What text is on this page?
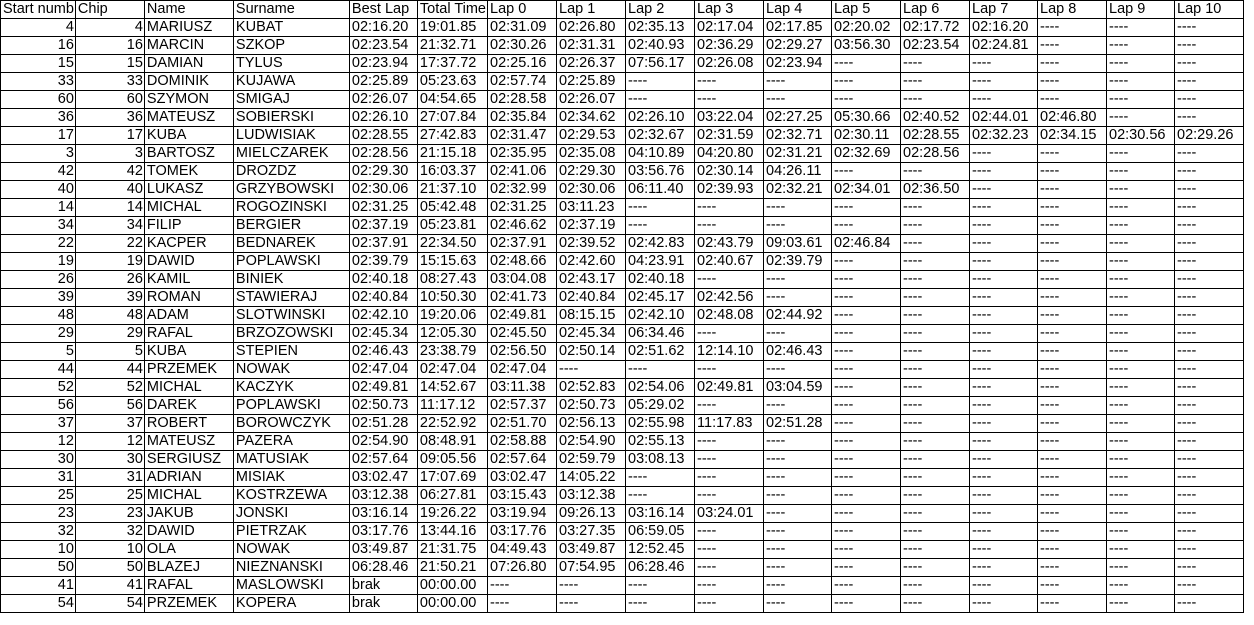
Start numb	Chip	Name	Surname	Best Lap	Total Time	Lap 0	Lap 1	Lap 2	Lap 3	Lap 4	Lap 5	Lap 6	Lap 7	Lap 8	Lap 9	Lap 10
4	4	MARIUSZ	KUBAT	02:16.20	19:01.85	02:31.09	02:26.80	02:35.13	02:17.04	02:17.85	02:20.02	02:17.72	02:16.20	----	----	----
16	16	MARCIN	SZKOP	02:23.54	21:32.71	02:30.26	02:31.31	02:40.93	02:36.29	02:29.27	03:56.30	02:23.54	02:24.81	----	----	----
15	15	DAMIAN	TYLUS	02:23.94	17:37.72	02:25.16	02:26.37	07:56.17	02:26.08	02:23.94	----	----	----	----	----	----
33	33	DOMINIK	KUJAWA	02:25.89	05:23.63	02:57.74	02:25.89	----	----	----	----	----	----	----	----	----
60	60	SZYMON	SMIGAJ	02:26.07	04:54.65	02:28.58	02:26.07	----	----	----	----	----	----	----	----	----
36	36	MATEUSZ	SOBIERSKI	02:26.10	27:07.84	02:35.84	02:34.62	02:26.10	03:22.04	02:27.25	05:30.66	02:40.52	02:44.01	02:46.80	----	----
17	17	KUBA	LUDWISIAK	02:28.55	27:42.83	02:31.47	02:29.53	02:32.67	02:31.59	02:32.71	02:30.11	02:28.55	02:32.23	02:34.15	02:30.56	02:29.26
3	3	BARTOSZ	MIELCZAREK	02:28.56	21:15.18	02:35.95	02:35.08	04:10.89	04:20.80	02:31.21	02:32.69	02:28.56	----	----	----	----
42	42	TOMEK	DROZDZ	02:29.30	16:03.37	02:41.06	02:29.30	03:56.76	02:30.14	04:26.11	----	----	----	----	----	----
40	40	LUKASZ	GRZYBOWSKI	02:30.06	21:37.10	02:32.99	02:30.06	06:11.40	02:39.93	02:32.21	02:34.01	02:36.50	----	----	----	----
14	14	MICHAL	ROGOZINSKI	02:31.25	05:42.48	02:31.25	03:11.23	----	----	----	----	----	----	----	----	----
34	34	FILIP	BERGIER	02:37.19	05:23.81	02:46.62	02:37.19	----	----	----	----	----	----	----	----	----
22	22	KACPER	BEDNAREK	02:37.91	22:34.50	02:37.91	02:39.52	02:42.83	02:43.79	09:03.61	02:46.84	----	----	----	----	----
19	19	DAWID	POPLAWSKI	02:39.79	15:15.63	02:48.66	02:42.60	04:23.91	02:40.67	02:39.79	----	----	----	----	----	----
26	26	KAMIL	BINIEK	02:40.18	08:27.43	03:04.08	02:43.17	02:40.18	----	----	----	----	----	----	----	----
39	39	ROMAN	STAWIERAJ	02:40.84	10:50.30	02:41.73	02:40.84	02:45.17	02:42.56	----	----	----	----	----	----	----
48	48	ADAM	SLOTWINSKI	02:42.10	19:20.06	02:49.81	08:15.15	02:42.10	02:48.08	02:44.92	----	----	----	----	----	----
29	29	RAFAL	BRZOZOWSKI	02:45.34	12:05.30	02:45.50	02:45.34	06:34.46	----	----	----	----	----	----	----	----
5	5	KUBA	STEPIEN	02:46.43	23:38.79	02:56.50	02:50.14	02:51.62	12:14.10	02:46.43	----	----	----	----	----	----
44	44	PRZEMEK	NOWAK	02:47.04	02:47.04	02:47.04	----	----	----	----	----	----	----	----	----	----
52	52	MICHAL	KACZYK	02:49.81	14:52.67	03:11.38	02:52.83	02:54.06	02:49.81	03:04.59	----	----	----	----	----	----
56	56	DAREK	POPLAWSKI	02:50.73	11:17.12	02:57.37	02:50.73	05:29.02	----	----	----	----	----	----	----	----
37	37	ROBERT	BOROWCZYK	02:51.28	22:52.92	02:51.70	02:56.13	02:55.98	11:17.83	02:51.28	----	----	----	----	----	----
12	12	MATEUSZ	PAZERA	02:54.90	08:48.91	02:58.88	02:54.90	02:55.13	----	----	----	----	----	----	----	----
30	30	SERGIUSZ	MATUSIAK	02:57.64	09:05.56	02:57.64	02:59.79	03:08.13	----	----	----	----	----	----	----	----
31	31	ADRIAN	MISIAK	03:02.47	17:07.69	03:02.47	14:05.22	----	----	----	----	----	----	----	----	----
25	25	MICHAL	KOSTRZEWA	03:12.38	06:27.81	03:15.43	03:12.38	----	----	----	----	----	----	----	----	----
23	23	JAKUB	JONSKI	03:16.14	19:26.22	03:19.94	09:26.13	03:16.14	03:24.01	----	----	----	----	----	----	----
32	32	DAWID	PIETRZAK	03:17.76	13:44.16	03:17.76	03:27.35	06:59.05	----	----	----	----	----	----	----	----
10	10	OLA	NOWAK	03:49.87	21:31.75	04:49.43	03:49.87	12:52.45	----	----	----	----	----	----	----	----
50	50	BLAZEJ	NIEZNANSKI	06:28.46	21:50.21	07:26.80	07:54.95	06:28.46	----	----	----	----	----	----	----	----
41	41	RAFAL	MASLOWSKI	brak	00:00.00	----	----	----	----	----	----	----	----	----	----	----
54	54	PRZEMEK	KOPERA	brak	00:00.00	----	----	----	----	----	----	----	----	----	----	----
